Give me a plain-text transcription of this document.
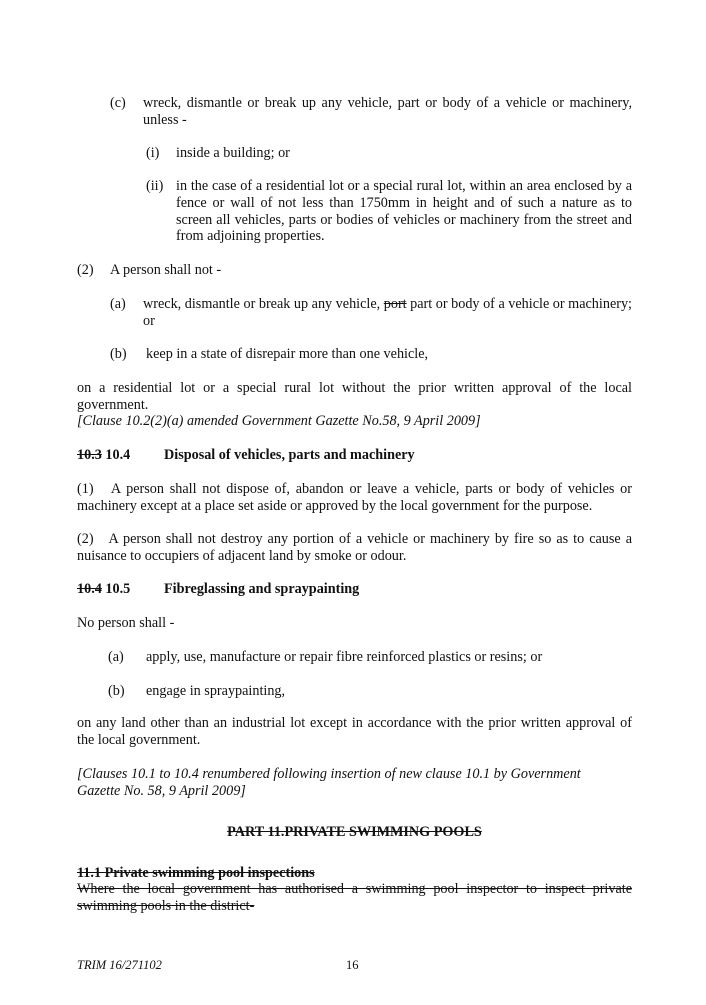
(c) wreck, dismantle or break up any vehicle, part or body of a vehicle or machinery, unless -
(i) inside a building; or
(ii) in the case of a residential lot or a special rural lot, within an area enclosed by a fence or wall of not less than 1750mm in height and of such a nature as to screen all vehicles, parts or bodies of vehicles or machinery from the street and from adjoining properties.
(2) A person shall not -
(a) wreck, dismantle or break up any vehicle, port part or body of a vehicle or machinery; or
(b) keep in a state of disrepair more than one vehicle,
on a residential lot or a special rural lot without the prior written approval of the local government.
[Clause 10.2(2)(a) amended Government Gazette No.58, 9 April 2009]
10.3 10.4 Disposal of vehicles, parts and machinery
(1)   A person shall not dispose of, abandon or leave a vehicle, parts or body of vehicles or machinery except at a place set aside or approved by the local government for the purpose.
(2)   A person shall not destroy any portion of a vehicle or machinery by fire so as to cause a nuisance to occupiers of adjacent land by smoke or odour.
10.4 10.5 Fibreglassing and spraypainting
No person shall -
(a) apply, use, manufacture or repair fibre reinforced plastics or resins; or
(b) engage in spraypainting,
on any land other than an industrial lot except in accordance with the prior written approval of the local government.
[Clauses 10.1 to 10.4 renumbered following insertion of new clause 10.1 by Government Gazette No. 58, 9 April 2009]
PART 11.PRIVATE SWIMMING POOLS
11.1 Private swimming pool inspections
Where the local government has authorised a swimming pool inspector to inspect private swimming pools in the district-
TRIM 16/271102	16
